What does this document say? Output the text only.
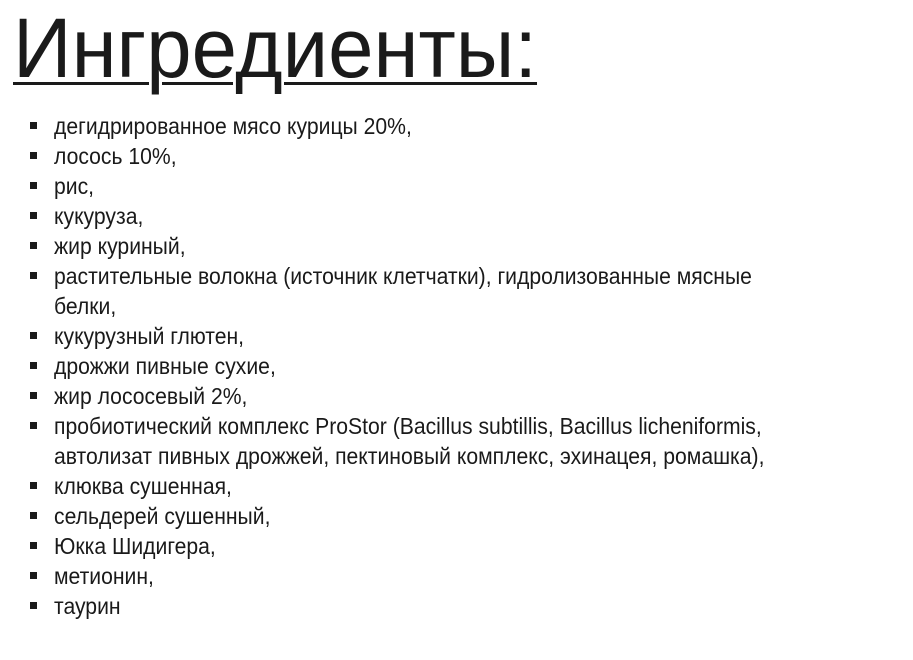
Ингредиенты:
дегидрированное мясо курицы 20%,
лосось 10%,
рис,
кукуруза,
жир куриный,
растительные волокна (источник клетчатки), гидролизованные мясные
белки,
кукурузный глютен,
дрожжи пивные сухие,
жир лососевый 2%,
пробиотический комплекс ProStor (Bacillus subtillis, Bacillus licheniformis,
автолизат пивных дрожжей, пектиновый комплекс, эхинацея, ромашка),
клюква сушенная,
сельдерей сушенный,
Юкка Шидигера,
метионин,
таурин
